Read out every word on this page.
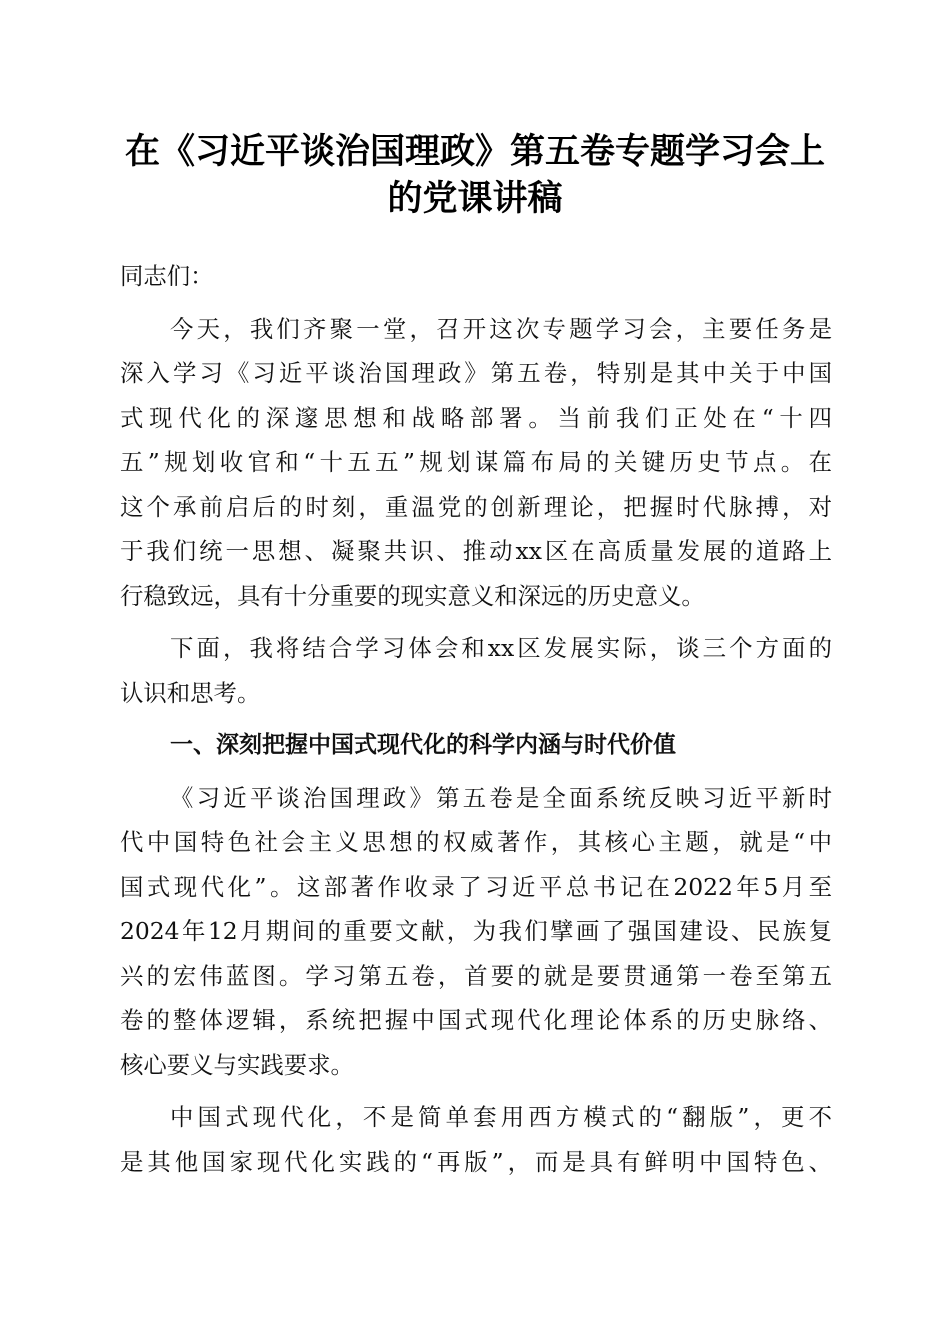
在《习近平谈治国理政》第五卷专题学习会上
的党课讲稿
同志们：
今天，我们齐聚一堂，召开这次专题学习会，主要任务是
深入学习《习近平谈治国理政》第五卷，特别是其中关于中国
式现代化的深邃思想和战略部署。当前我们正处在“十四
五”规划收官和“十五五”规划谋篇布局的关键历史节点。在
这个承前启后的时刻，重温党的创新理论，把握时代脉搏，对
于我们统一思想、凝聚共识、推动xx区在高质量发展的道路上
行稳致远，具有十分重要的现实意义和深远的历史意义。
下面，我将结合学习体会和xx区发展实际，谈三个方面的
认识和思考。
一、深刻把握中国式现代化的科学内涵与时代价值
《习近平谈治国理政》第五卷是全面系统反映习近平新时
代中国特色社会主义思想的权威著作，其核心主题，就是“中
国式现代化”。这部著作收录了习近平总书记在2022年5月至
2024年12月期间的重要文献，为我们擘画了强国建设、民族复
兴的宏伟蓝图。学习第五卷，首要的就是要贯通第一卷至第五
卷的整体逻辑，系统把握中国式现代化理论体系的历史脉络、
核心要义与实践要求。
中国式现代化，不是简单套用西方模式的“翻版”，更不
是其他国家现代化实践的“再版”，而是具有鲜明中国特色、
